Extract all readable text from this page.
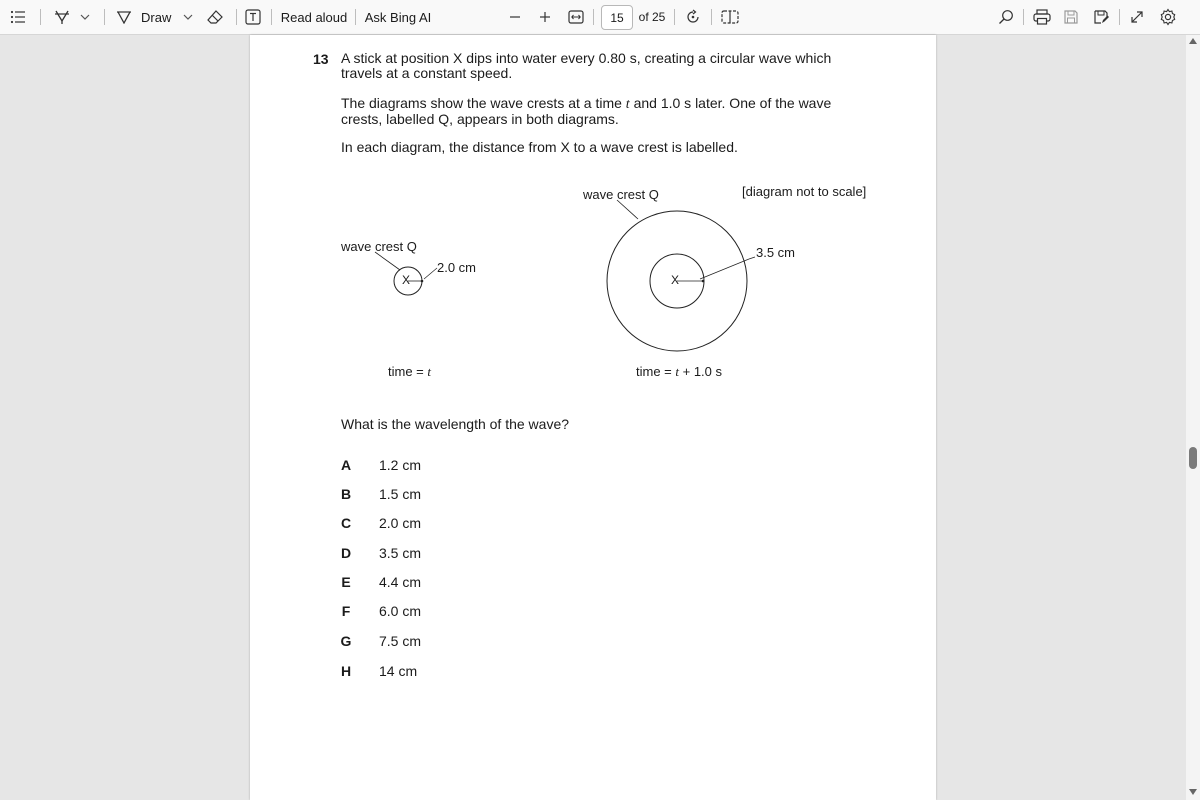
Draw	Read aloud Ask Bing AI	15	of 25
13 A stick at position X dips into water every 0.80 s, creating a circular wave which travels at a constant speed.
The diagrams show the wave crests at a time t and 1.0 s later. One of the wave crests, labelled Q, appears in both diagrams.
In each diagram, the distance from X to a wave crest is labelled.
wave crest Q
2.0 cm
X
time = t
[diagram not to scale]
wave crest Q
3.5 cm
X
time = t + 1.0 s
What is the wavelength of the wave?
A 1.2 cm
B 1.5 cm
C 2.0 cm
D 3.5 cm
E 4.4 cm
F 6.0 cm
G 7.5 cm
H 14 cm
